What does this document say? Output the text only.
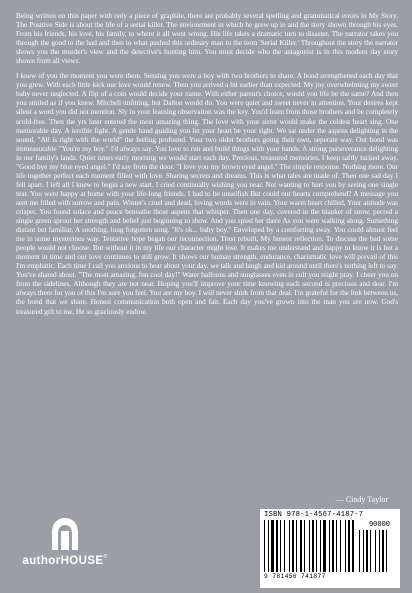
Being written on thin paper with only a piece of graphite, there are probably several spelling and grammatical errors in My Story. The Positive Side is about the life of a serial killer. The envionrment in which he grew up in and the story shown through his eyes. From his friends, his love, his family, to where it all went wrong. His life takes a dramatic turn to disaster. The narrator takes you through the good to the bad and then to what pushed this ordinary man to the term 'Serial Killer.' Throughout the story the narrator shows you the murder's view and the detective's hunting him. You must decide who the antagonist is in this modern day story shown from all views.

I knew of you the moment you were there. Sensing you were a boy with two brothers to share. A bond strengthened each day that you grew. With each little kick our love would renew. Then you arrived a bit earlier than expected. My joy overwhelming my sweet baby never neglected. A flip of a coin would decide your name. With either parent's choice, would you life be the same? And then you smiled as if you knew. Mitchell unfitting, but Dalton would do. You were quiet and sweet never in attention. Your desires kept silent a word you did not mention. Sly in your learning observation was the key. You'd learn from those brothers and be completely scold-free. Then the yrs later entered the most amazing thing. The love with your sister would make the coldest heart sing. One memorable day. A terrible fight. A gentle hand guiding you let your heart be your sight. We sat under the aspens delighting in the sound. "All is right with the world" the feeling profound. Your two older brothers going their own, seperate way. Our bond was immeasurable "You're my boy." I'd always say. You love to run and build things with your hands. A strong perseverance delighting in our family's lands. Quiet times early morning we would start each day. Precious, treasured memories, I keep saftly tucked away. "Good bye my blue eyed angel." I'd say from the door. "I love you my brown eyed angel." The simple response. Nothing more. Our life together perfect each moment filled with love. Sharing secrets and dreams. This is what tales are made of. Then one sad day I fell apart. I left all I knew to begin a new start. I cried continually wishing you near. Not wanting to hurt you by seeing one single tear. You were happy at home with your life-long friends. I had to be unselfish But could our hearts comprehend? A message you sent me filled with sorrow and pain. Winter's cruel and dead, loving words were in vain. Your warm heart chilled, Your attitude was crisper. You found solace and peace beneathe those aspens that whisper. Then one day, covered in the blanket of snow, pecred a single green sprout her strength and belief just beginning to show. And you spied her there As you were walking along. Something distant but familiar, A soothing, long forgotten song. "It's ok... baby boy." Enveloped by a comforting sway. You could almost feel me in some mysterious way. Tentative hope began our reconnection. Trust rebuilt, My honest reflection. To discuss the bad some people would not choose. But without it in my life our character might lose. It makes me understand and happy to know it is but a moment in time and our love continues to still grow. It shows our human strength, endurance, charismatic love will prevail of this I'm emphatic. Each time I call you anxious to hear about your day. we talk and laugh and kid around until there's nothing left to say. You've shared about. "The most amazing, fun cool day!" Water balloons and sunglasses even in cult you might pray. I cheer you on from the sidelines. Although they are not near. Hoping you'll improve your time knowing each second is precious and dear. I'm always there for you of this I'm sure you feel. You are my boy. I will never shirk from that deal. I'm grateful for the link between us, the bond that we share. Honest communication both open and fair. Each day you've grown into the man you are now. God's treasured gift to me, He so graciously endow.

— Cindy Taylor
authorHOUSE®
ISBN 978-1-4567-4187-7
90000
9 781456 741877
